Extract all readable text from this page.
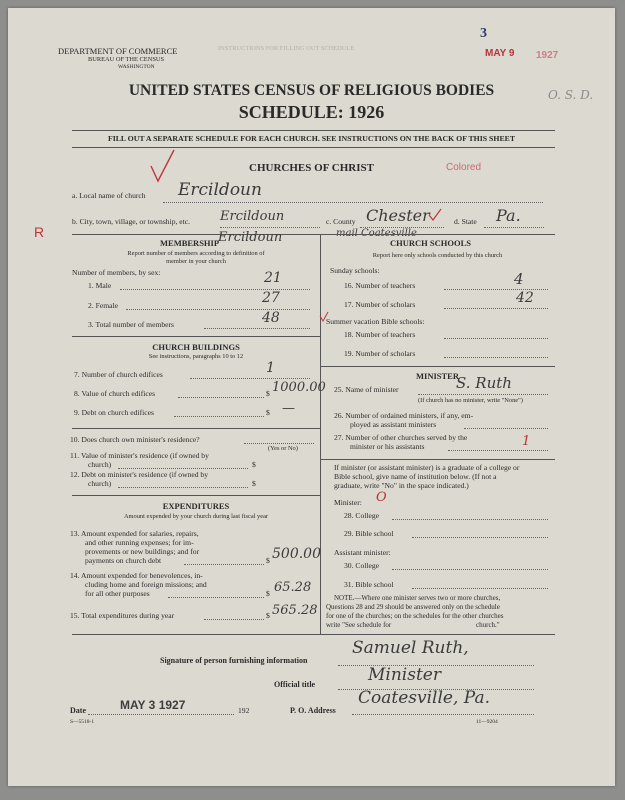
DEPARTMENT OF COMMERCE
BUREAU OF THE CENSUS
WASHINGTON
INSTRUCTIONS FOR FILLING OUT SCHEDULE
3
MAY 9 1927
O. S. D.
UNITED STATES CENSUS OF RELIGIOUS BODIES
SCHEDULE: 1926
FILL OUT A SEPARATE SCHEDULE FOR EACH CHURCH. SEE INSTRUCTIONS ON THE BACK OF THIS SHEET
CHURCHES OF CHRIST	Colored
a. Local name of church Ercildoun
b. City, town, village, or township, etc. Ercildoun	c. County Chester	d. State Pa.
R
MEMBERSHIP
Ercildoun
Report number of members according to definition of
member in your church
Number of members, by sex:
1. Male	21
2. Female	27
3. Total number of members	48
CHURCH BUILDINGS
See instructions, paragraphs 10 to 12
7. Number of church edifices	1
8. Value of church edifices	$ 1000.00
9. Debt on church edifices	$ —
10. Does church own minister's residence?
(Yes or No)
11. Value of minister's residence (if owned by
church)	$
12. Debt on minister's residence (if owned by
church)	$
EXPENDITURES
Amount expended by your church during last fiscal year
13. Amount expended for salaries, repairs,
and other running expenses; for im-
provements or new buildings; and for
payments on church debt	$ 500.00
14. Amount expended for benevolences, in-
cluding home and foreign missions; and
for all other purposes	$ 65.28
15. Total expenditures during year	$ 565.28
CHURCH SCHOOLS
Report here only schools conducted by this church
Sunday schools:
16. Number of teachers	4
17. Number of scholars	42
Summer vacation Bible schools:
18. Number of teachers
19. Number of scholars
MINISTER
25. Name of minister	S. Ruth
(If church has no minister, write "None")
26. Number of ordained ministers, if any, em-
ployed as assistant ministers
27. Number of other churches served by the
minister or his assistants	1
If minister (or assistant minister) is a graduate of a college or
Bible school, give name of institution below. (If not a
graduate, write "No" in the space indicated.)
Minister: O
28. College
29. Bible school
Assistant minister:
30. College
31. Bible school
NOTE.—Where one minister serves two or more churches,
Questions 28 and 29 should be answered only on the schedule
for one of the churches; on the schedules for the other churches
write "See schedule for	church."
Signature of person furnishing information
Samuel Ruth,
Official title	Minister
Date	MAY 3 1927	192	P. O. Address
Coatesville, Pa.
S—5518-1	11—9204
